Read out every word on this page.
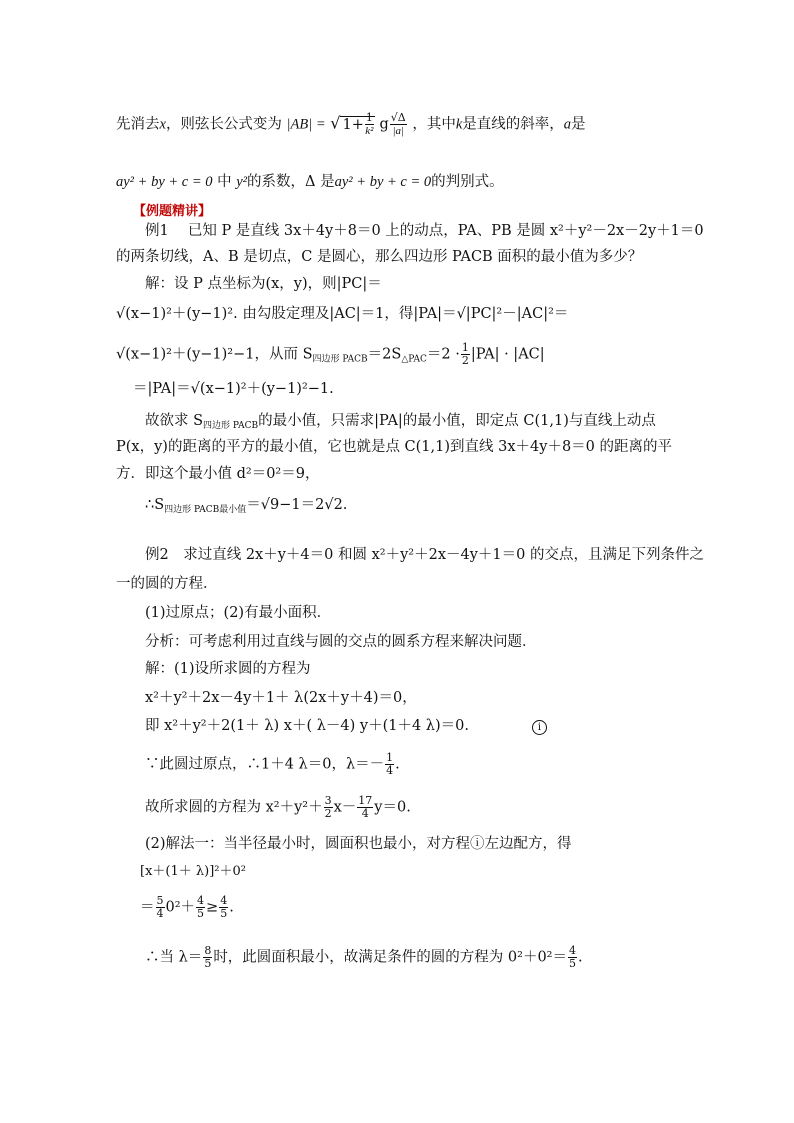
先消去x，则弦长公式变为 |AB| = √ $1+ \frac{1}{\text{k²}}$ g $\frac{√\Delta}{|a|}$ ，其中k是直线的斜率，a是
ay² + by + c = 0 中 y²的系数，Δ 是ay² + by + c = 0的判别式。
【例题精讲】
例1　 已知 P 是直线 3x＋4y＋8＝0 上的动点，PA、PB 是圆 x²＋y²－2x－2y＋1＝0
的两条切线，A、B 是切点，C 是圆心，那么四边形 PACB 面积的最小值为多少？
解：设 P 点坐标为(x，y)，则|PC|＝
√(x−1)²＋(y−1)². 由勾股定理及|AC|＝1，得|PA|＝√|PC|²－|AC|²＝
√(x−1)²＋(y−1)²−1，从而 $S_{四边形 PACB}=2S_{\triangle PAC}=2 \cdot \frac{1}{2} |PA| \cdot |AC|$
＝|PA|＝√(x−1)²＋(y−1)²−1.
故欲求 $S_{四边形 PACB}$的最小值，只需求|PA|的最小值，即定点 C(1,1)与直线上动点
P(x，y)的距离的平方的最小值，它也就是点 C(1,1)到直线 3x＋4y＋8＝0 的距离的平
方．即这个最小值 d²＝0²＝9，
$\therefore S_{四边形 PACB最小值}=√9-1=2√2$.
例2　求过直线 2x＋y＋4＝0 和圆 x²＋y²＋2x－4y＋1＝0 的交点，且满足下列条件之
一的圆的方程．
(1)过原点；(2)有最小面积．
分析：可考虑利用过直线与圆的交点的圆系方程来解决问题．
解：(1)设所求圆的方程为
x²＋y²＋2x－4y＋1＋ λ(2x＋y＋4)＝0，
即 x²＋y²＋2(1＋ λ) x＋( λ－4) y＋(1＋4 λ)＝0.	i
∵此圆过原点，∴1＋4 λ＝0，$\lambda=- \frac{1}{4}$ .
故所求圆的方程为 $x^2+y^2+ \frac{3}{2} x- \frac{17}{4} y=0$.
(2)解法一：当半径最小时，圆面积也最小，对方程ⓘ左边配方，得
[x＋(1＋ λ)]²＋0²
＝ $\frac{5}{4} 0^2+ \frac{4}{5} \ge \frac{4}{5}$ .
∴当 $\lambda= \frac{8}{5}$ 时，此圆面积最小，故满足条件的圆的方程为 $0^2+0^2= \frac{4}{5}$ .
